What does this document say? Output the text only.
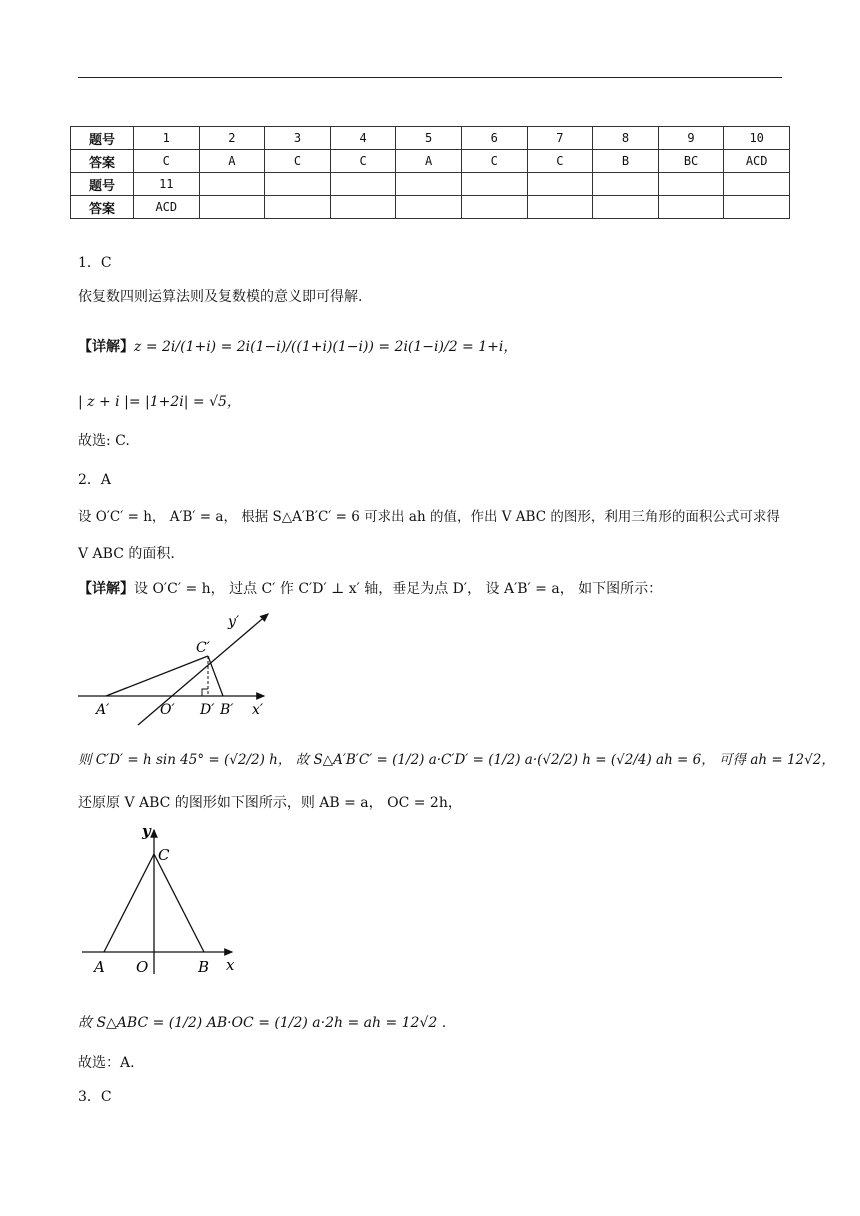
题号	1	2	3	4	5	6	7	8	9	10
答案	C	A	C	C	A	C	C	B	BC	ACD
题号	11									
答案	ACD									
1．C
依复数四则运算法则及复数模的意义即可得解.
【详解】z = 2i/(1+i) = 2i(1−i)/((1+i)(1−i)) = 2i(1−i)/2 = 1+i，
| z + i |= |1+2i| = √5，
故选: C.
2．A
设 O′C′ = h， A′B′ = a， 根据 S△A′B′C′ = 6 可求出 ah 的值，作出 V ABC 的图形，利用三角形的面积公式可求得
V ABC 的面积.
【详解】设 O′C′ = h， 过点 C′ 作 C′D′ ⊥ x′ 轴，垂足为点 D′， 设 A′B′ = a， 如下图所示：
y′
C′
A′	O′ D′ B′ x′
则 C′D′ = h sin 45° = (√2/2) h， 故 S△A′B′C′ = (1/2) a·C′D′ = (1/2) a·(√2/2) h = (√2/4) ah = 6， 可得 ah = 12√2，
还原原 V ABC 的图形如下图所示，则 AB = a， OC = 2h，
y
C
A O	B x
故 S△ABC = (1/2) AB·OC = (1/2) a·2h = ah = 12√2 .
故选：A.
3．C
